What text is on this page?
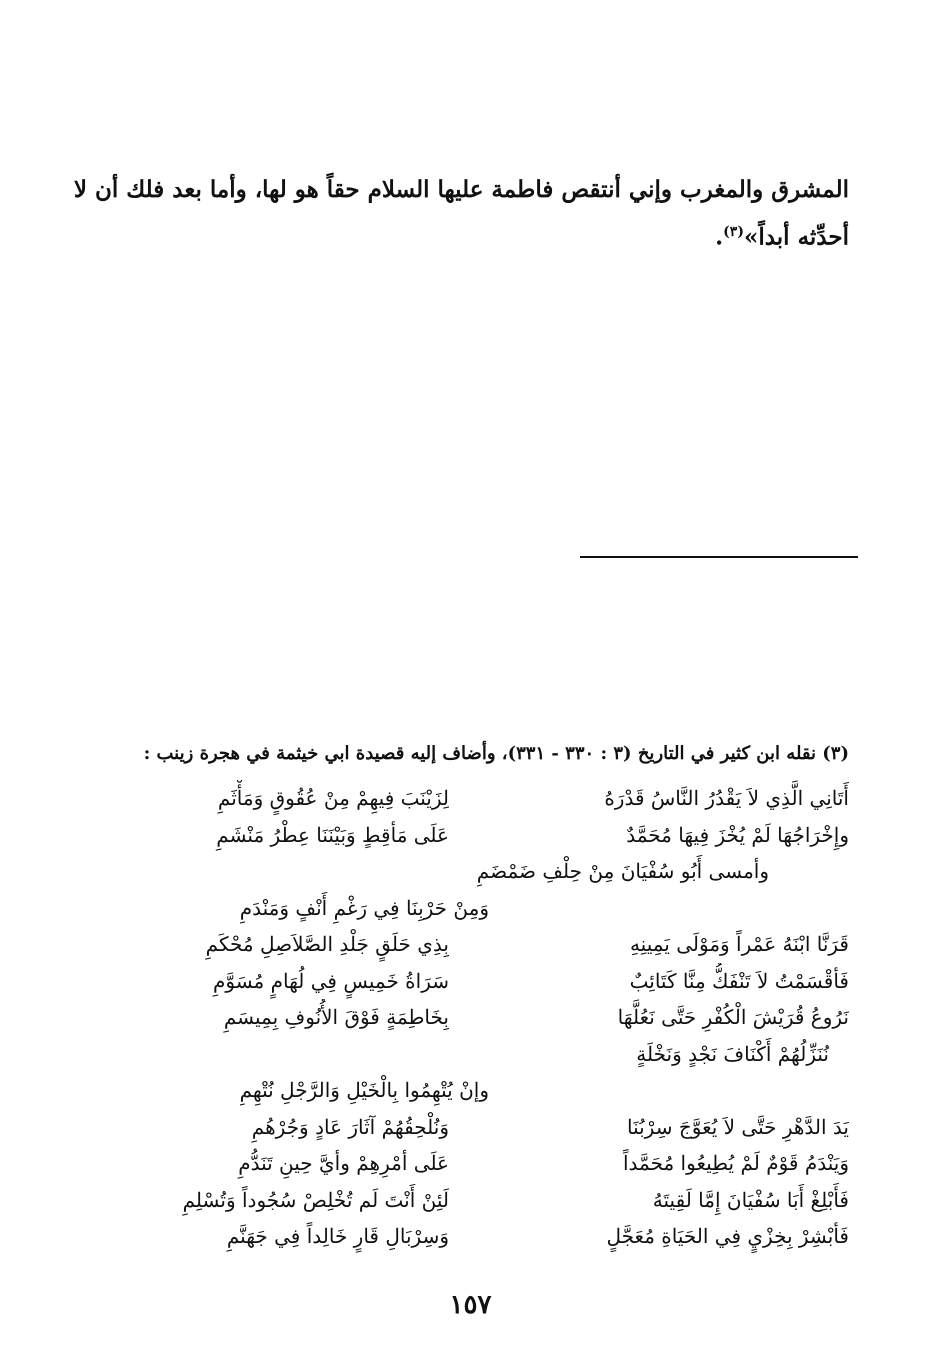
المشرق والمغرب وإني أنتقص فاطمة عليها السلام حقاً هو لها، وأما بعد فلك أن لا
أحدِّثه أبداً»$^{(٣)}$.
(٣) نقله ابن كثير في التاريخ (٣ : ٣٣٠ - ٣٣١)، وأضاف إليه قصيدة ابي خيثمة في هجرة زينب :
أَتَانِي الَّذِي لاَ يَقْدُرُ النَّاسُ قَدْرَهُ
لِزَيْنَبَ فِيهِمْ مِنْ عُقُوقٍ وَمَأْثَمِ
وإِخْرَاجُهَا لَمْ يُخْزَ فِيهَا مُحَمَّدٌ
عَلَى مَأقِطٍ وَبَيْنَنَا عِطْرُ مَنْشَمِ
وأمسى أَبُو سُفْيَانَ مِنْ حِلْفِ ضَمْضَمِ
وَمِنْ حَرْبِنَا فِي رَغْمِ أَنْفٍ وَمَنْدَمِ
قَرَنَّا ابْنَهُ عَمْراً وَمَوْلَى يَمِينِهِ
بِذِي حَلَقٍ جَلْدِ الصَّلاَصِلِ مُحْكَمِ
فَأقْسَمْتُ لاَ تَنْفَكُّ مِنَّا كَتَائِبٌ
سَرَاةُ خَمِيسٍ فِي لُهَامٍ مُسَوَّمِ
نَرُوعُ قُرَيْشَ الْكُفْرِ حَتَّى نَعُلَّهَا
بِخَاطِمَةٍ فَوْقَ الأُنُوفِ بِمِيسَمِ
نُنَزِّلُهُمْ أَكْنَافَ نَجْدٍ وَنَخْلَةٍ
وإنْ يُتْهِمُوا بِالْخَيْلِ وَالرَّجْلِ نُتْهِمِ
يَدَ الدَّهْرِ حَتَّى لاَ يُعَوَّجَ سِرْبُنَا
وَنُلْحِقُهُمْ آثَارَ عَادٍ وَجُرْهُمِ
وَيَنْدَمُ قَوْمٌ لَمْ يُطِيعُوا مُحَمَّداً
عَلَى أمْرِهِمْ وأيَّ حِينِ تَنَدُّمِ
فَأَبْلِغْ أَبَا سُفْيَانَ إِمَّا لَقِيتَهُ
لَئِنْ أَنْتَ لَم تُخْلِصْ سُجُوداً وَتُسْلِمِ
فَأبْشِرْ بِخِزْيٍ فِي الحَيَاةِ مُعَجَّلٍ
وَسِرْبَالِ قَارٍ خَالِداً فِي جَهَنَّمِ
١٥٧
